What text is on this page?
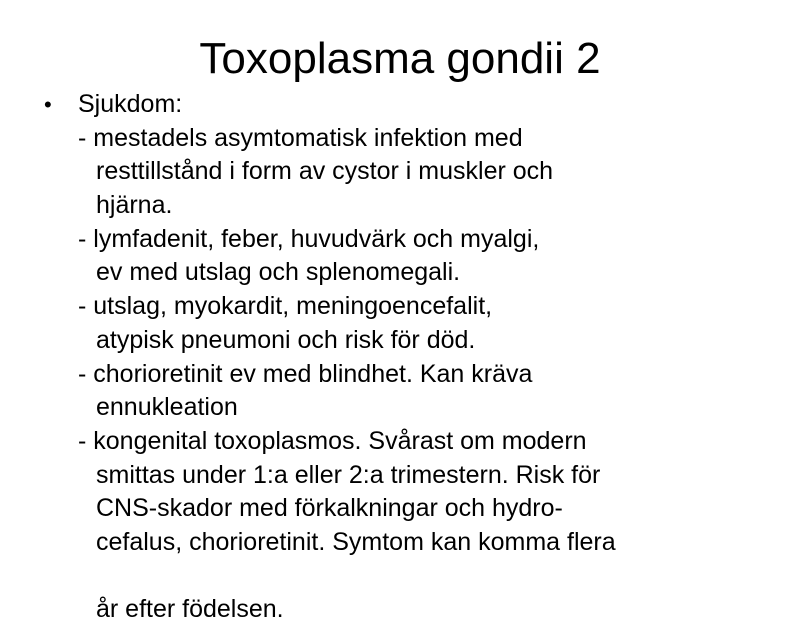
Toxoplasma gondii 2
• Sjukdom:
- mestadels asymtomatisk infektion med
resttillstånd i form av cystor i muskler och
hjärna.
- lymfadenit, feber, huvudvärk och myalgi,
ev med utslag och splenomegali.
- utslag, myokardit, meningoencefalit,
atypisk pneumoni och risk för död.
- chorioretinit ev med blindhet. Kan kräva
ennukleation
- kongenital toxoplasmos. Svårast om modern
smittas under 1:a eller 2:a trimestern. Risk för
CNS-skador med förkalkningar och hydro-
cefalus, chorioretinit. Symtom kan komma flera
år efter födelsen.
